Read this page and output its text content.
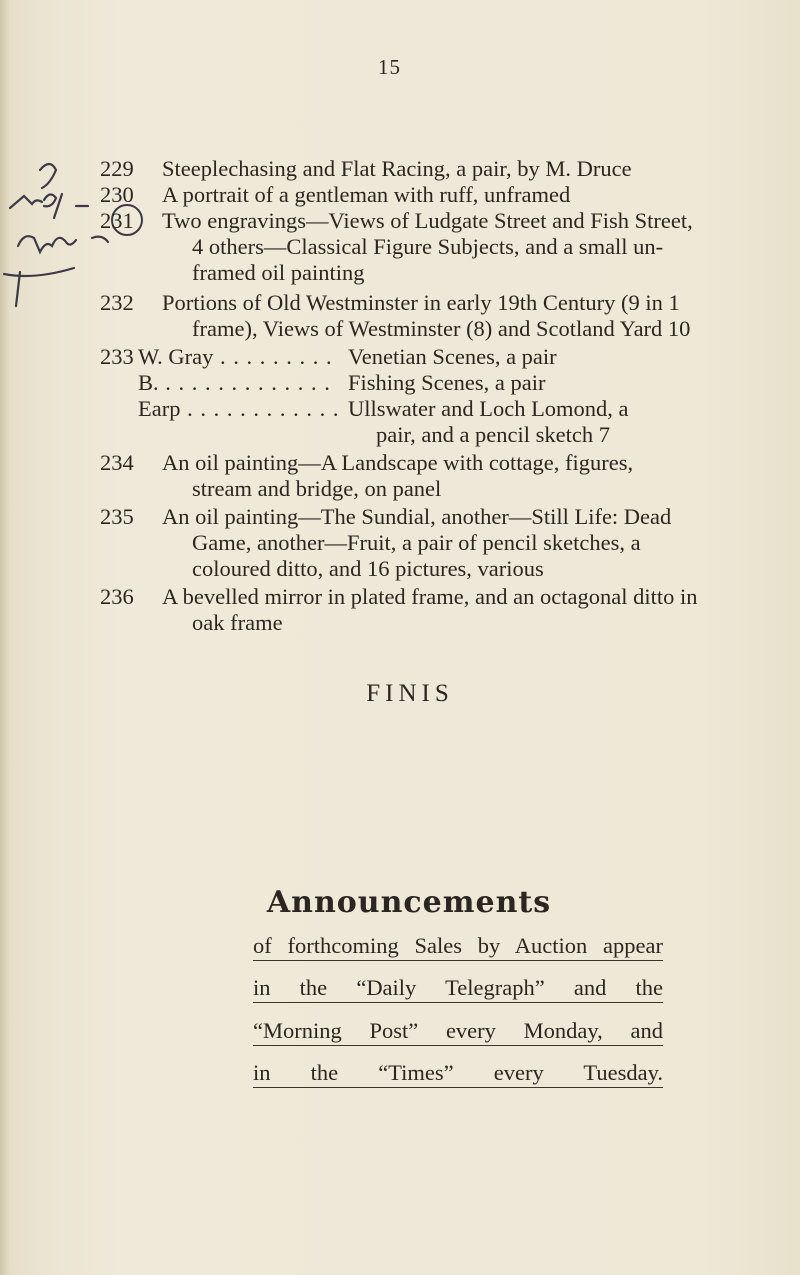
15
229	Steeplechasing and Flat Racing, a pair, by M. Druce
230	A portrait of a gentleman with ruff, unframed
231	Two engravings—Views of Ludgate Street and Fish Street,
4 others—Classical Figure Subjects, and a small un-
framed oil painting
232	Portions of Old Westminster in early 19th Century (9 in 1
frame), Views of Westminster (8) and Scotland Yard 10
233 W. Gray . . .	Venetian Scenes, a pair
B. . . .	Fishing Scenes, a pair
Earp . . .	Ullswater and Loch Lomond, a
pair, and a pencil sketch 7
234	An oil painting—A Landscape with cottage, figures,
stream and bridge, on panel
235	An oil painting—The Sundial, another—Still Life: Dead
Game, another—Fruit, a pair of pencil sketches, a
coloured ditto, and 16 pictures, various
236	A bevelled mirror in plated frame, and an octagonal ditto in
oak frame
FINIS
Announcements
of forthcoming Sales by Auction appear
in the “Daily Telegraph” and the
“Morning Post” every Monday, and
in the “Times” every Tuesday.
